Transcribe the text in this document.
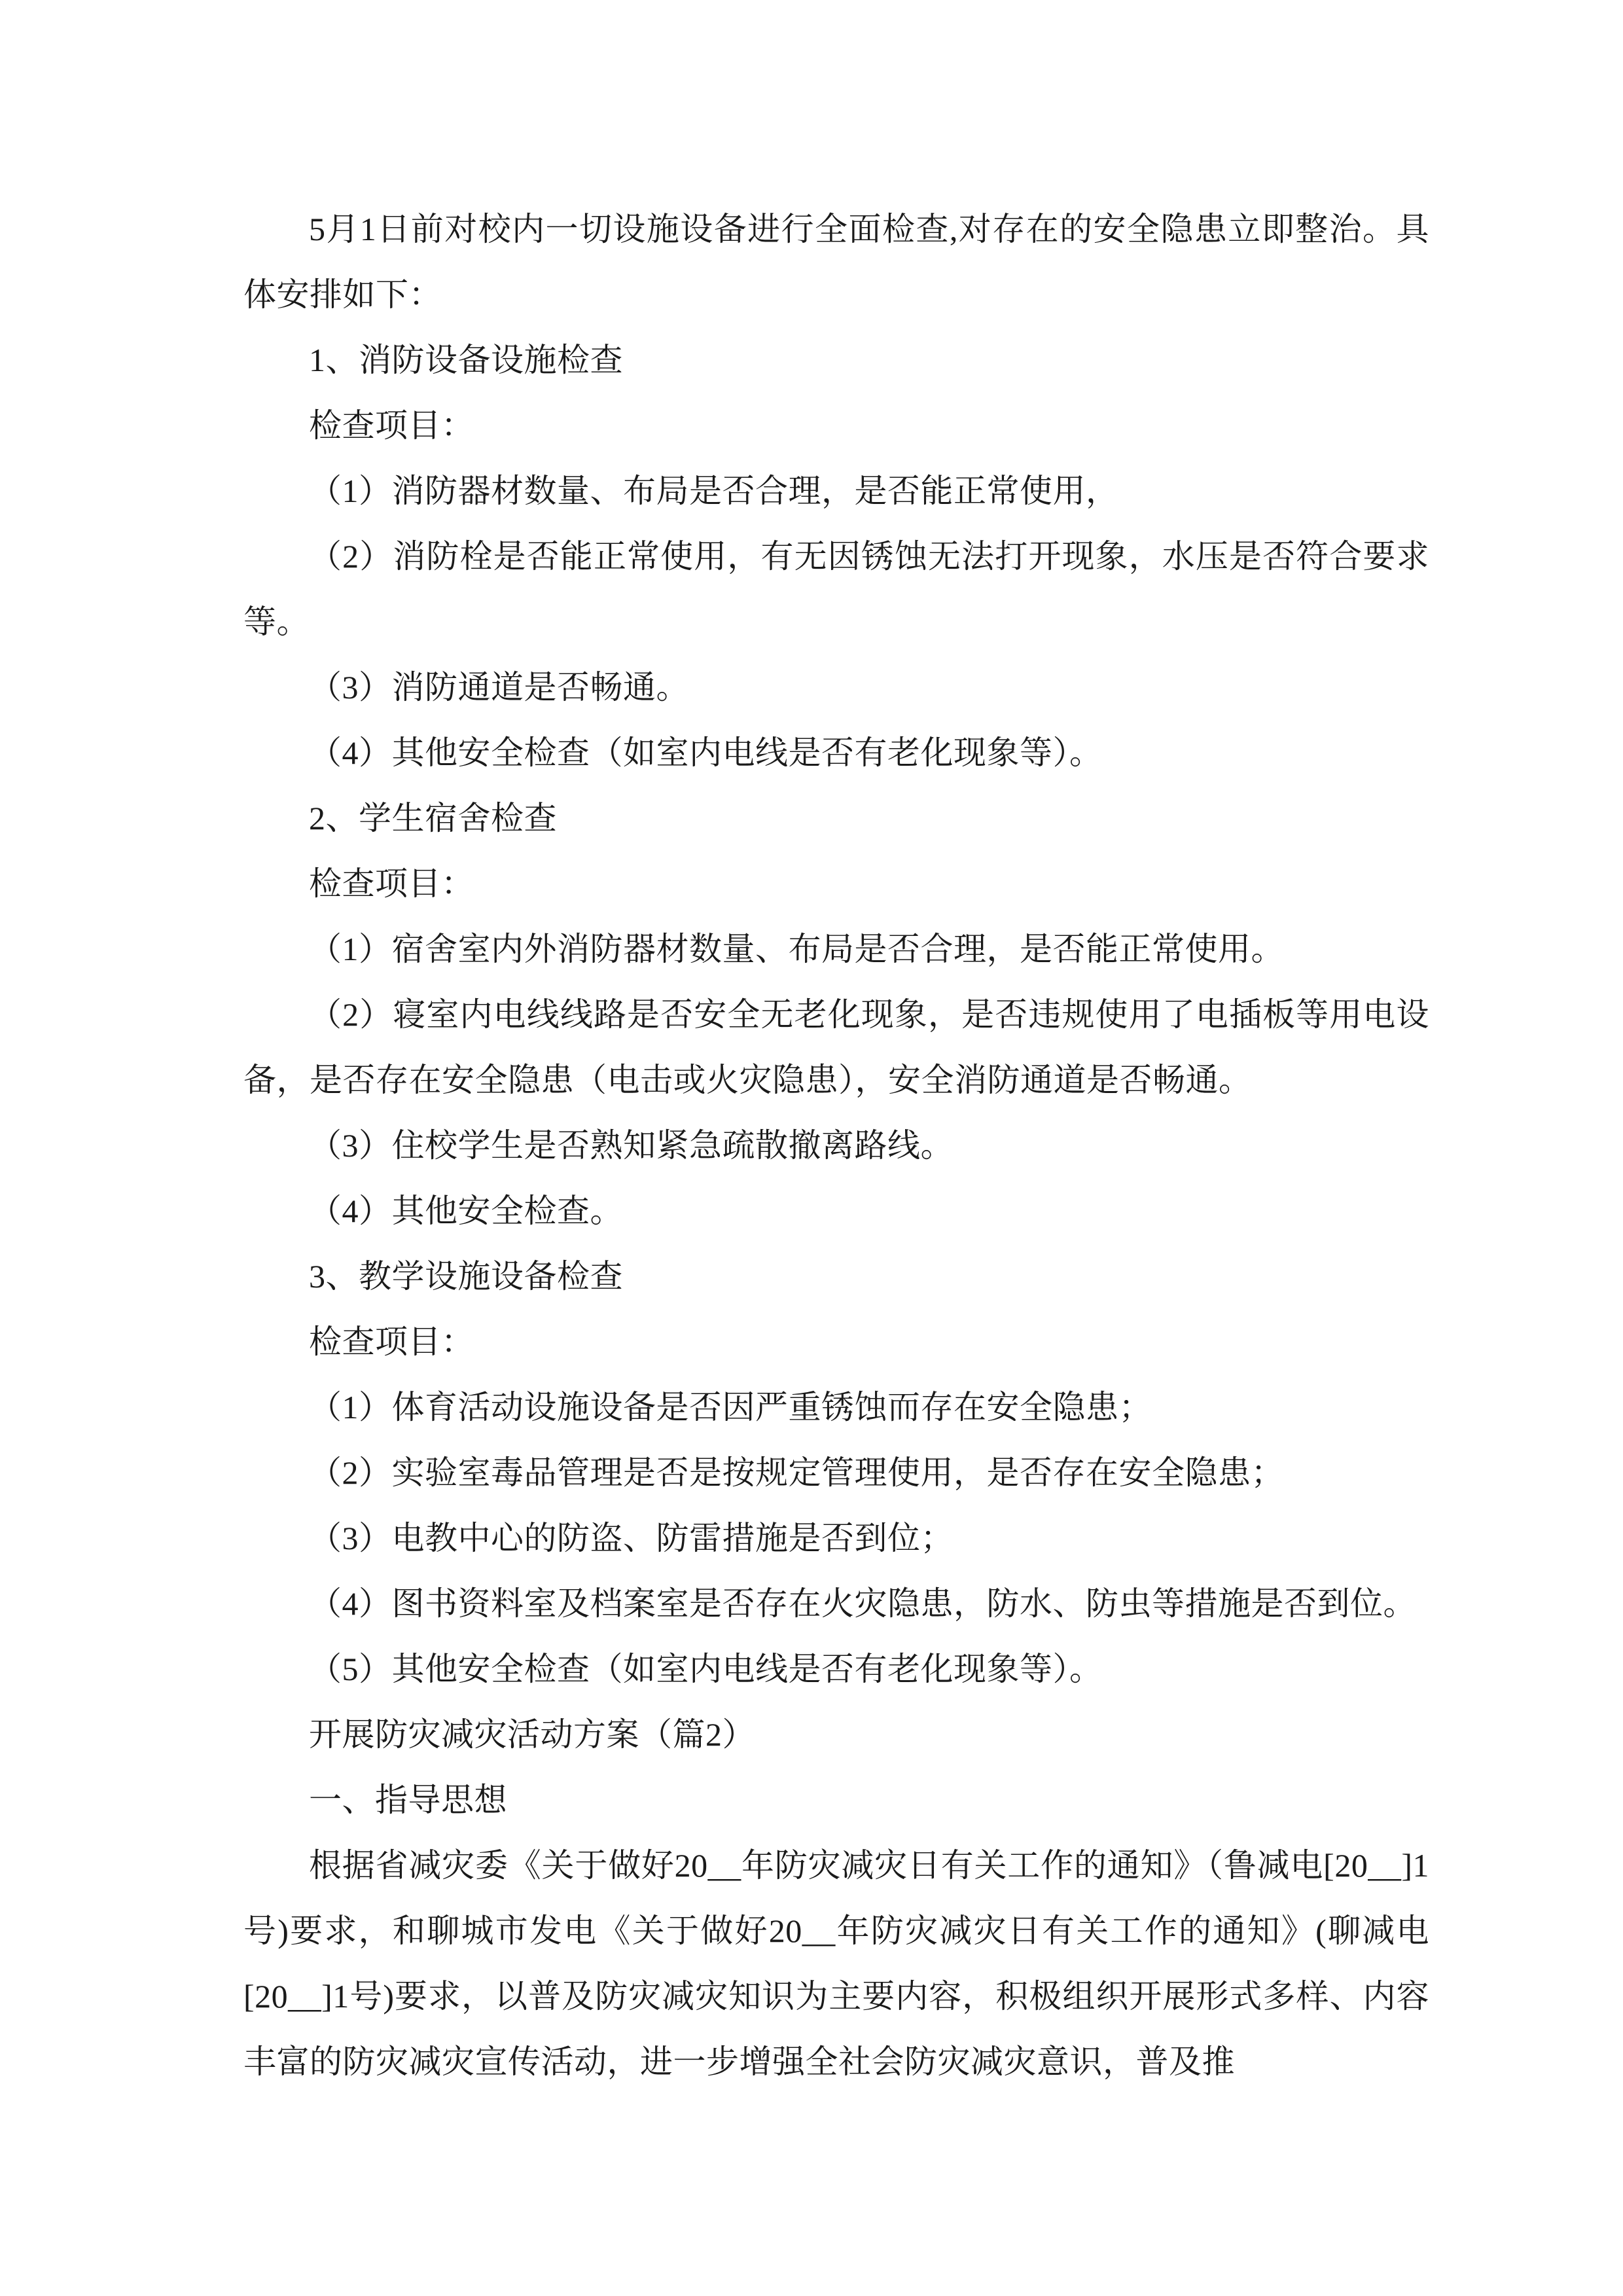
5月1日前对校内一切设施设备进行全面检查,对存在的安全隐患立即整治。具体安排如下：

1、消防设备设施检查

检查项目：

（1）消防器材数量、布局是否合理，是否能正常使用，

（2）消防栓是否能正常使用，有无因锈蚀无法打开现象，水压是否符合要求等。

（3）消防通道是否畅通。

（4）其他安全检查（如室内电线是否有老化现象等）。

2、学生宿舍检查

检查项目：

（1）宿舍室内外消防器材数量、布局是否合理，是否能正常使用。

（2）寝室内电线线路是否安全无老化现象，是否违规使用了电插板等用电设备，是否存在安全隐患（电击或火灾隐患），安全消防通道是否畅通。

（3）住校学生是否熟知紧急疏散撤离路线。

（4）其他安全检查。

3、教学设施设备检查

检查项目：

（1）体育活动设施设备是否因严重锈蚀而存在安全隐患；

（2）实验室毒品管理是否是按规定管理使用，是否存在安全隐患；

（3）电教中心的防盗、防雷措施是否到位；

（4）图书资料室及档案室是否存在火灾隐患，防水、防虫等措施是否到位。

（5）其他安全检查（如室内电线是否有老化现象等）。

开展防灾减灾活动方案（篇2）

一、指导思想

根据省减灾委《关于做好20__年防灾减灾日有关工作的通知》（鲁减电[20__]1号)要求，和聊城市发电《关于做好20__年防灾减灾日有关工作的通知》(聊减电[20__]1号)要求，以普及防灾减灾知识为主要内容，积极组织开展形式多样、内容丰富的防灾减灾宣传活动，进一步增强全社会防灾减灾意识，普及推
